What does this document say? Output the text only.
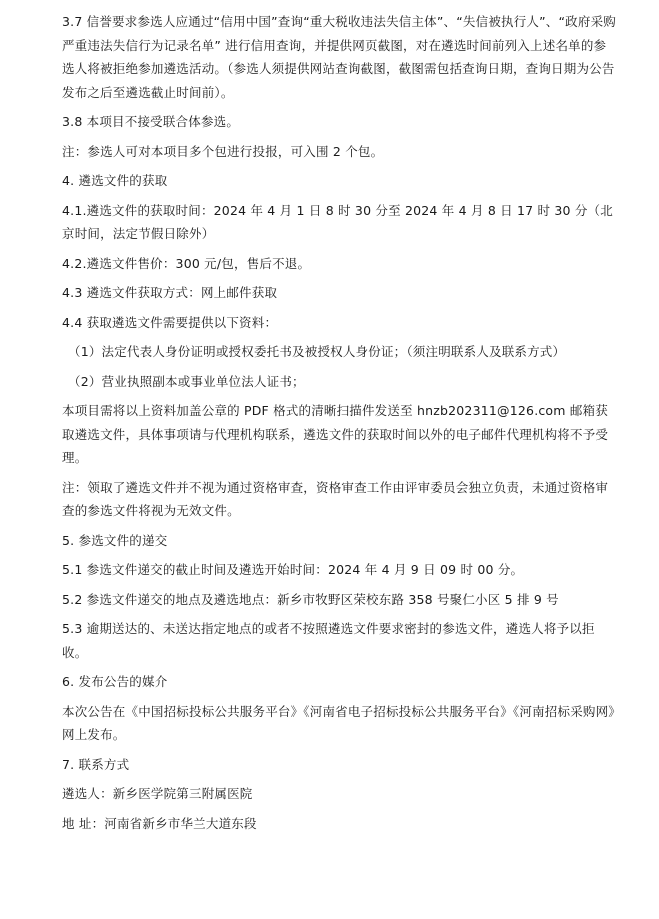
3.7 信誉要求参选人应通过“信用中国”查询“重大税收违法失信主体”、“失信被执行人”、“政府采购严重违法失信行为记录名单” 进行信用查询，并提供网页截图，对在遴选时间前列入上述名单的参选人将被拒绝参加遴选活动。（参选人须提供网站查询截图，截图需包括查询日期，查询日期为公告发布之后至遴选截止时间前）。

3.8 本项目不接受联合体参选。

注：参选人可对本项目多个包进行投报，可入围 2 个包。

4. 遴选文件的获取

4.1.遴选文件的获取时间：2024 年 4 月 1 日 8 时 30 分至 2024 年 4 月 8 日 17 时 30 分（北京时间，法定节假日除外）

4.2.遴选文件售价：300 元/包，售后不退。

4.3 遴选文件获取方式：网上邮件获取

4.4 获取遴选文件需要提供以下资料：

（1）法定代表人身份证明或授权委托书及被授权人身份证；（须注明联系人及联系方式）

（2）营业执照副本或事业单位法人证书；

本项目需将以上资料加盖公章的 PDF 格式的清晰扫描件发送至 hnzb202311@126.com 邮箱获取遴选文件，具体事项请与代理机构联系，遴选文件的获取时间以外的电子邮件代理机构将不予受理。

注：领取了遴选文件并不视为通过资格审查，资格审查工作由评审委员会独立负责，未通过资格审查的参选文件将视为无效文件。

5. 参选文件的递交

5.1 参选文件递交的截止时间及遴选开始时间：2024 年 4 月 9 日 09 时 00 分。

5.2 参选文件递交的地点及遴选地点：新乡市牧野区荣校东路 358 号聚仁小区 5 排 9 号

5.3 逾期送达的、未送达指定地点的或者不按照遴选文件要求密封的参选文件，遴选人将予以拒收。

6. 发布公告的媒介

本次公告在《中国招标投标公共服务平台》《河南省电子招标投标公共服务平台》《河南招标采购网》网上发布。

7. 联系方式

遴选人：新乡医学院第三附属医院

地 址：河南省新乡市华兰大道东段
